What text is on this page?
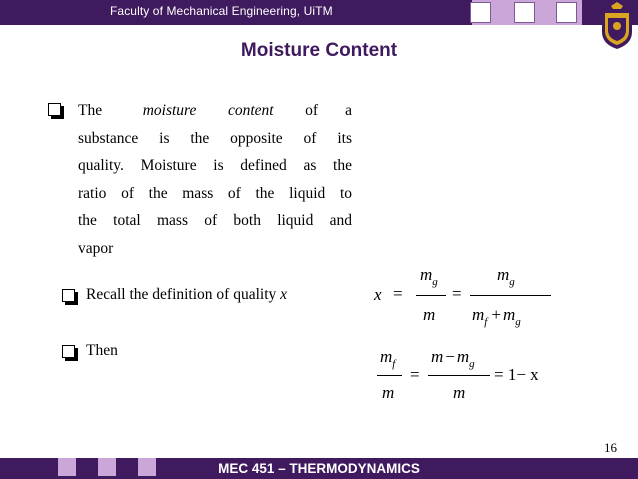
Faculty of Mechanical Engineering, UiTM
Moisture Content
The	moisture content       of      a
substance is the opposite of its
quality. Moisture is defined as the
ratio of the mass of the liquid to
the total mass of both liquid and
vapor
Recall the definition of quality x
Then
x =
$m_g$
m
=
$m_g$
$m_f + m_g$
$m_f$
m
=
$m - m_g$
m
= 1− x
16
MEC 451 – THERMODYNAMICS
